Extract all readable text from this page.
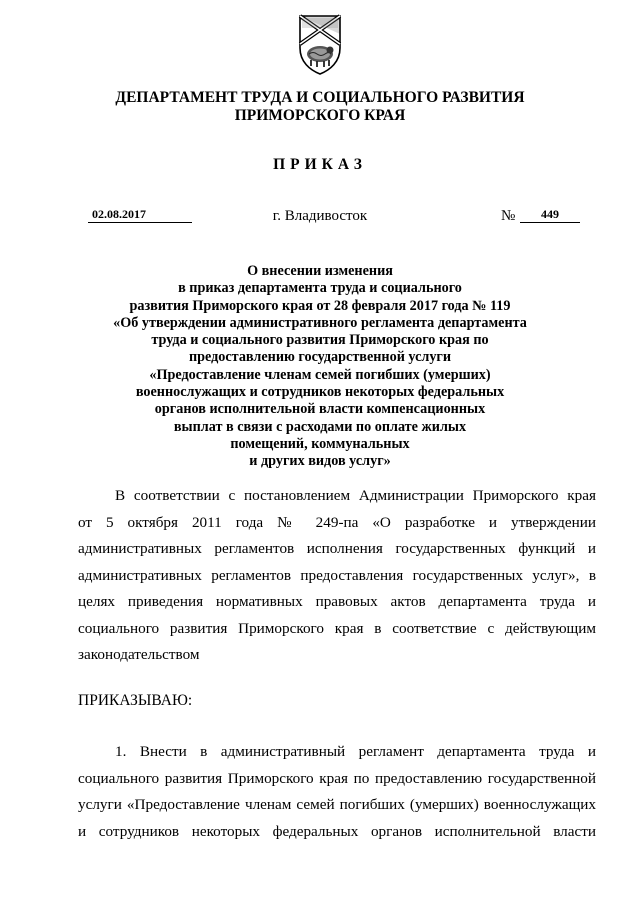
ДЕПАРТАМЕНТ ТРУДА И СОЦИАЛЬНОГО РАЗВИТИЯ
ПРИМОРСКОГО КРАЯ
ПРИКАЗ
02.08.2017	г. Владивосток	№	449
О внесении изменения
в приказ департамента труда и социального
развития Приморского края от 28 февраля 2017 года № 119
«Об утверждении административного регламента департамента
труда и социального развития Приморского края по
предоставлению государственной услуги
«Предоставление членам семей погибших (умерших)
военнослужащих и сотрудников некоторых федеральных
органов исполнительной власти компенсационных
выплат в связи с расходами по оплате жилых
помещений, коммунальных
и других видов услуг»
В соответствии с постановлением Администрации Приморского края
от 5 октября 2011 года № 249-па «О разработке и утверждении
административных регламентов исполнения государственных функций и
административных регламентов предоставления государственных услуг», в
целях приведения нормативных правовых актов департамента труда и
социального развития Приморского края в соответствие с действующим
законодательством
ПРИКАЗЫВАЮ:
1. Внести в административный регламент департамента труда и
социального развития Приморского края по предоставлению государственной
услуги «Предоставление членам семей погибших (умерших) военнослужащих
и сотрудников некоторых федеральных органов исполнительной власти
